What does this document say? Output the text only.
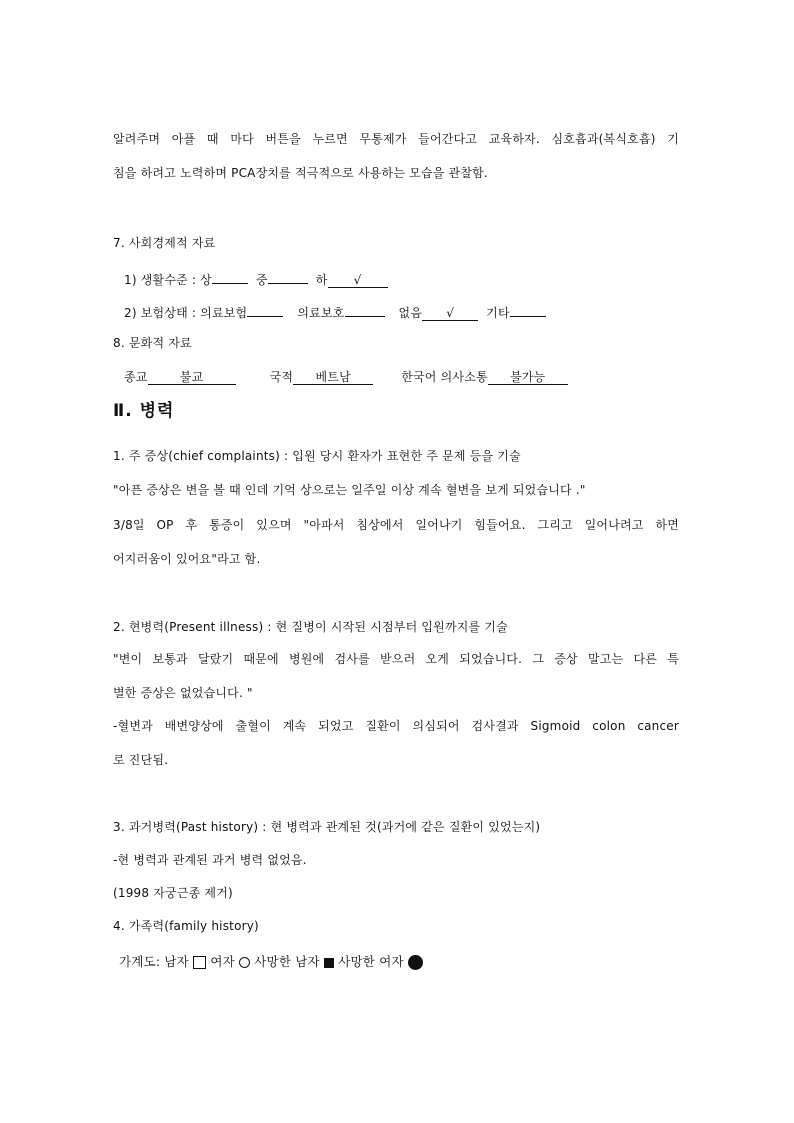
알려주며 아플 때 마다 버튼을 누르면 무통제가 들어간다고 교육하자. 심호흡과(복식호흡) 기
침을 하려고 노력하며 PCA장치를 적극적으로 사용하는 모습을 관찰함.
7. 사회경제적 자료
1) 생활수준 : 상	중	하 √
2) 보험상태 : 의료보험	의료보호	없음 √	기타
8. 문화적 자료
종교	불교	국적 베트남	한국어 의사소통 불가능
Ⅱ. 병력
1. 주 증상(chief complaints) : 입원 당시 환자가 표현한 주 문제 등을 기술
"아픈 증상은 변을 볼 때 인데 기억 상으로는 일주일 이상 계속 혈변을 보게 되었습니다 ."
3/8일 OP 후 통증이 있으며 "아파서 침상에서 일어나기 힘들어요. 그리고 일어나려고 하면
어지러움이 있어요"라고 함.
2. 현병력(Present illness) : 현 질병이 시작된 시점부터 입원까지를 기술
"변이 보통과 달랐기 때문에 병원에 검사를 받으러 오게 되었습니다. 그 증상 말고는 다른 특
별한 증상은 없었습니다. "
-혈변과 배변양상에 출혈이 계속 되었고 질환이 의심되어 검사결과 Sigmoid colon cancer
로 진단됨.
3. 과거병력(Past history) : 현 병력과 관계된 것(과거에 같은 질환이 있었는지)
-현 병력과 관계된 과거 병력 없었음.
(1998 자궁근종 제거)
4. 가족력(family history)
가계도: 남자 여자 사망한 남자 사망한 여자
